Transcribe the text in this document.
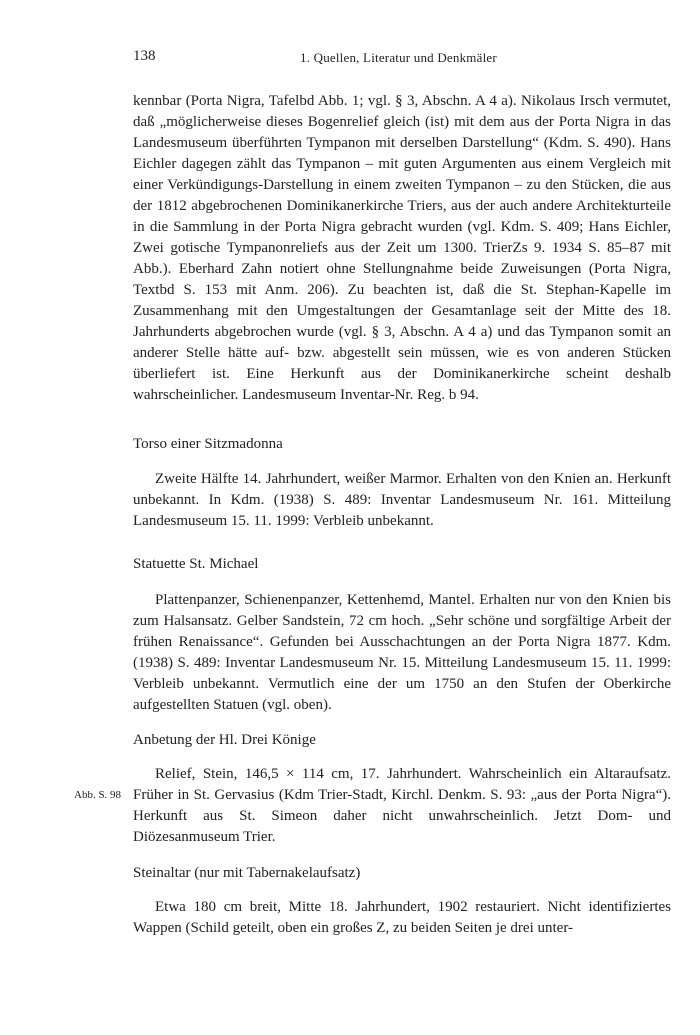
138	1. Quellen, Literatur und Denkmäler

kennbar (Porta Nigra, Tafelbd Abb. 1; vgl. § 3, Abschn. A 4 a). Nikolaus Irsch vermutet, daß „möglicherweise dieses Bogenrelief gleich (ist) mit dem aus der Porta Nigra in das Landesmuseum überführten Tympanon mit derselben Darstellung“ (Kdm. S. 490). Hans Eichler dagegen zählt das Tympanon – mit guten Argumenten aus einem Vergleich mit einer Verkündigungs-Darstellung in einem zweiten Tympanon – zu den Stücken, die aus der 1812 abgebrochenen Dominikanerkirche Triers, aus der auch andere Architekturteile in die Sammlung in der Porta Nigra gebracht wurden (vgl. Kdm. S. 409; Hans Eichler, Zwei gotische Tympanonreliefs aus der Zeit um 1300. TrierZs 9. 1934 S. 85–87 mit Abb.). Eberhard Zahn notiert ohne Stellungnahme beide Zuweisungen (Porta Nigra, Textbd S. 153 mit Anm. 206). Zu beachten ist, daß die St. Stephan-Kapelle im Zusammenhang mit den Umgestaltungen der Gesamtanlage seit der Mitte des 18. Jahrhunderts abgebrochen wurde (vgl. § 3, Abschn. A 4 a) und das Tympanon somit an anderer Stelle hätte auf- bzw. abgestellt sein müssen, wie es von anderen Stücken überliefert ist. Eine Herkunft aus der Dominikanerkirche scheint deshalb wahrscheinlicher. Landesmuseum Inventar-Nr. Reg. b 94.

Torso einer Sitzmadonna

Zweite Hälfte 14. Jahrhundert, weißer Marmor. Erhalten von den Knien an. Herkunft unbekannt. In Kdm. (1938) S. 489: Inventar Landesmuseum Nr. 161. Mitteilung Landesmuseum 15. 11. 1999: Verbleib unbekannt.

Statuette St. Michael

Plattenpanzer, Schienenpanzer, Kettenhemd, Mantel. Erhalten nur von den Knien bis zum Halsansatz. Gelber Sandstein, 72 cm hoch. „Sehr schöne und sorgfältige Arbeit der frühen Renaissance“. Gefunden bei Ausschachtungen an der Porta Nigra 1877. Kdm. (1938) S. 489: Inventar Landesmuseum Nr. 15. Mitteilung Landesmuseum 15. 11. 1999: Verbleib unbekannt. Vermutlich eine der um 1750 an den Stufen der Oberkirche aufgestellten Statuen (vgl. oben).

Anbetung der Hl. Drei Könige
Abb. S. 98

Relief, Stein, 146,5 × 114 cm, 17. Jahrhundert. Wahrscheinlich ein Altaraufsatz. Früher in St. Gervasius (Kdm Trier-Stadt, Kirchl. Denkm. S. 93: „aus der Porta Nigra“). Herkunft aus St. Simeon daher nicht unwahrscheinlich. Jetzt Dom- und Diözesanmuseum Trier.

Steinaltar (nur mit Tabernakelaufsatz)

Etwa 180 cm breit, Mitte 18. Jahrhundert, 1902 restauriert. Nicht identifiziertes Wappen (Schild geteilt, oben ein großes Z, zu beiden Seiten je drei unter-
